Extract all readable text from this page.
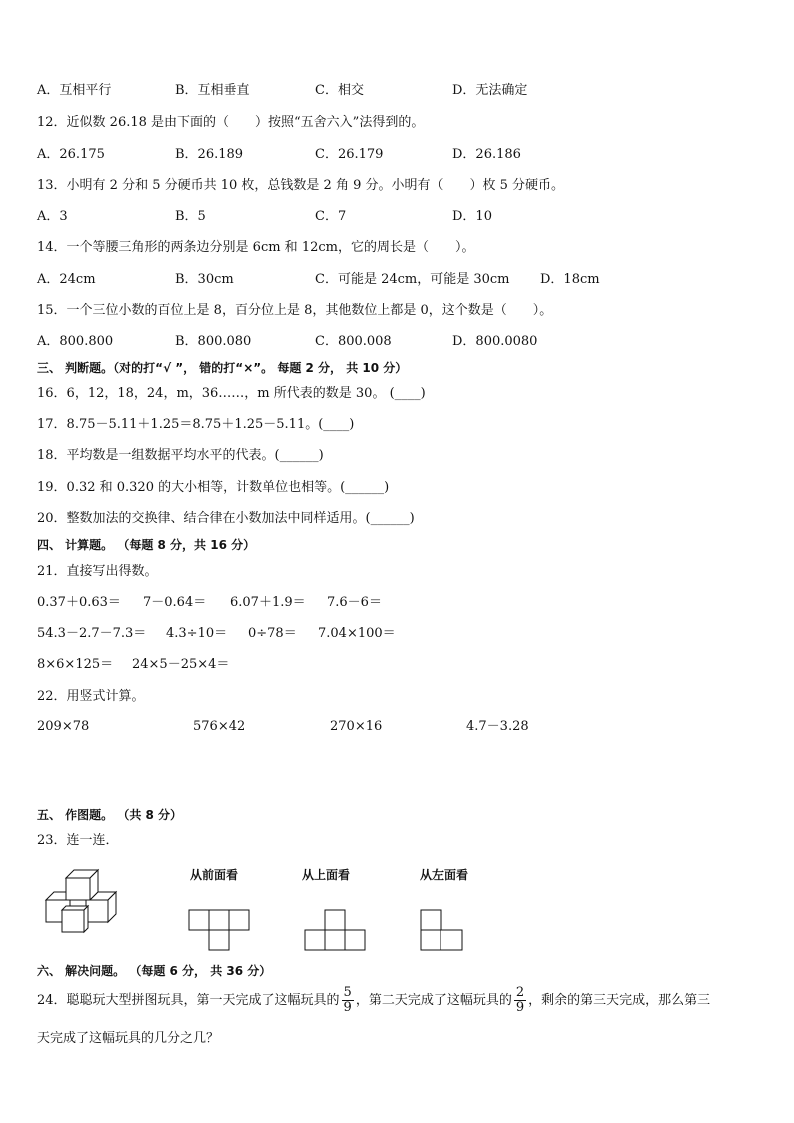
A．互相平行	B．互相垂直	C．相交	D．无法确定
12．近似数 26.18 是由下面的（　　）按照“五舍六入”法得到的。
A．26.175	B．26.189	C．26.179	D．26.186
13．小明有 2 分和 5 分硬币共 10 枚，总钱数是 2 角 9 分。小明有（　　）枚 5 分硬币。
A．3	B．5	C．7	D．10
14．一个等腰三角形的两条边分别是 6cm 和 12cm，它的周长是（　　）。
A．24cm	B．30cm	C．可能是 24cm，可能是 30cm D．18cm
15．一个三位小数的百位上是 8，百分位上是 8，其他数位上都是 0，这个数是（　　）。
A．800.800	B．800.080	C．800.008	D．800.0080
三、 判断题。（对的打“√ ”， 错的打“×”。 每题 2 分， 共 10 分）
16．6，12，18，24，m，36……，m 所代表的数是 30。 (____)
17．8.75－5.11＋1.25＝8.75＋1.25－5.11。(____)
18．平均数是一组数据平均水平的代表。(______)
19．0.32 和 0.320 的大小相等，计数单位也相等。(______)
20．整数加法的交换律、结合律在小数加法中同样适用。(______)
四、 计算题。 （每题 8 分，共 16 分）
21．直接写出得数。
0.37＋0.63＝ 7－0.64＝ 6.07＋1.9＝ 7.6－6＝
54.3－2.7－7.3＝ 4.3÷10＝ 0÷78＝ 7.04×100＝
8×6×125＝ 24×5－25×4＝
22．用竖式计算。
209×78	576×42	270×16	4.7－3.28
五、 作图题。 （共 8 分）
23．连一连．
从前面看	从上面看	从左面看
六、 解决问题。 （每题 6 分， 共 36 分）
24．聪聪玩大型拼图玩具，第一天完成了这幅玩具的 $\frac{5}{9}$ ，第二天完成了这幅玩具的 $\frac{2}{9}$ ，剩余的第三天完成，那么第三
天完成了这幅玩具的几分之几？
